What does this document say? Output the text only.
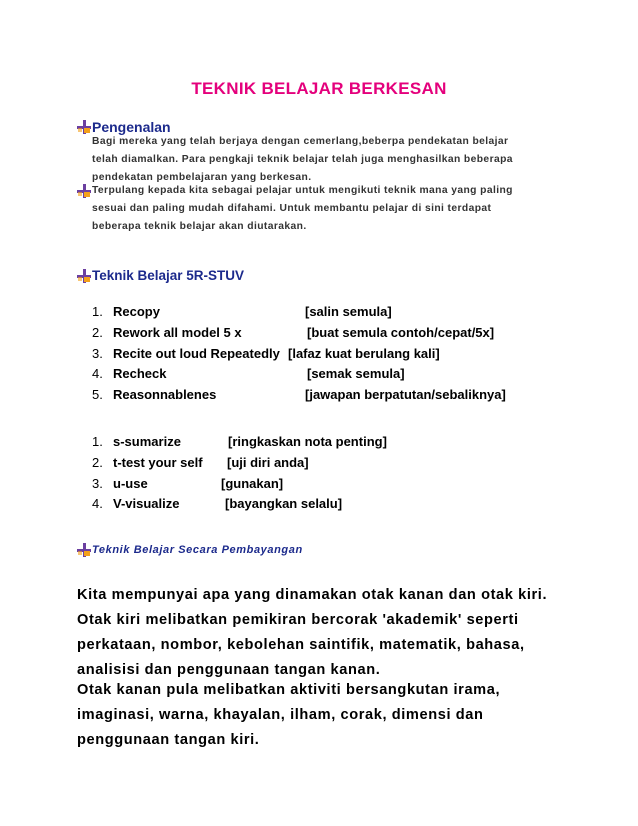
TEKNIK BELAJAR BERKESAN
Pengenalan
Bagi mereka yang telah berjaya dengan cemerlang,beberpa pendekatan belajar
telah diamalkan. Para pengkaji teknik belajar telah juga menghasilkan beberapa
pendekatan pembelajaran yang berkesan.
Terpulang kepada kita sebagai pelajar untuk mengikuti teknik mana yang paling
sesuai dan paling mudah difahami. Untuk membantu pelajar di sini terdapat
beberapa teknik belajar akan diutarakan.
Teknik Belajar 5R-STUV
1. Recopy	[salin semula]
2. Rework all model 5 x	[buat semula contoh/cepat/5x]
3. Recite out loud Repeatedly [lafaz kuat berulang kali]
4. Recheck	[semak semula]
5. Reasonnablenes	[jawapan berpatutan/sebaliknya]
1. s-sumarize	[ringkaskan nota penting]
2. t-test your self [uji diri anda]
3. u-use	[gunakan]
4. V-visualize	[bayangkan selalu]
Teknik Belajar Secara Pembayangan
Kita mempunyai apa yang dinamakan otak kanan dan otak kiri.
Otak kiri melibatkan pemikiran bercorak 'akademik' seperti
perkataan, nombor, kebolehan saintifik, matematik, bahasa,
analisisi dan penggunaan tangan kanan.
Otak kanan pula melibatkan aktiviti bersangkutan irama,
imaginasi, warna, khayalan, ilham, corak, dimensi dan
penggunaan tangan kiri.
